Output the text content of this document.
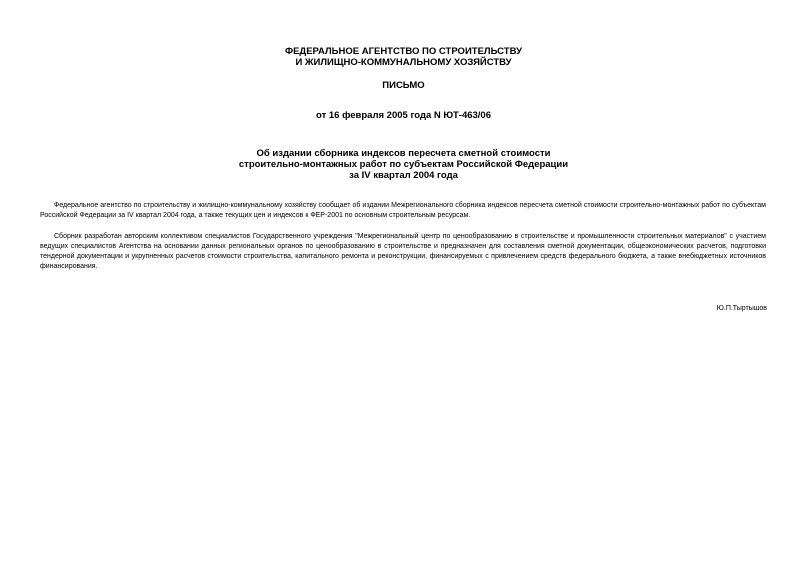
ФЕДЕРАЛЬНОЕ АГЕНТСТВО ПО СТРОИТЕЛЬСТВУ
И ЖИЛИЩНО-КОММУНАЛЬНОМУ ХОЗЯЙСТВУ
ПИСЬМО
от 16 февраля 2005 года N ЮТ-463/06
Об издании сборника индексов пересчета сметной стоимости
строительно-монтажных работ по субъектам Российской Федерации
за IV квартал 2004 года

Федеральное агентство по строительству и жилищно-коммунальному хозяйству сообщает об издании Межрегионального сборника индексов пересчета сметной стоимости строительно-монтажных работ по субъектам Российской Федерации за IV квартал 2004 года, а также текущих цен и индексов к ФЕР-2001 по основным строительным ресурсам.

Сборник разработан авторским коллективом специалистов Государственного учреждения "Межрегиональный центр по ценообразованию в строительстве и промышленности строительных материалов" с участием ведущих специалистов Агентства на основании данных региональных органов по ценообразованию в строительстве и предназначен для составления сметной документации, общеэкономических расчетов, подготовки тендерной документации и укрупненных расчетов стоимости строительства, капитального ремонта и реконструкции, финансируемых с привлечением средств федерального бюджета, а также внебюджетных источников финансирования.

Ю.П.Тыртышов
